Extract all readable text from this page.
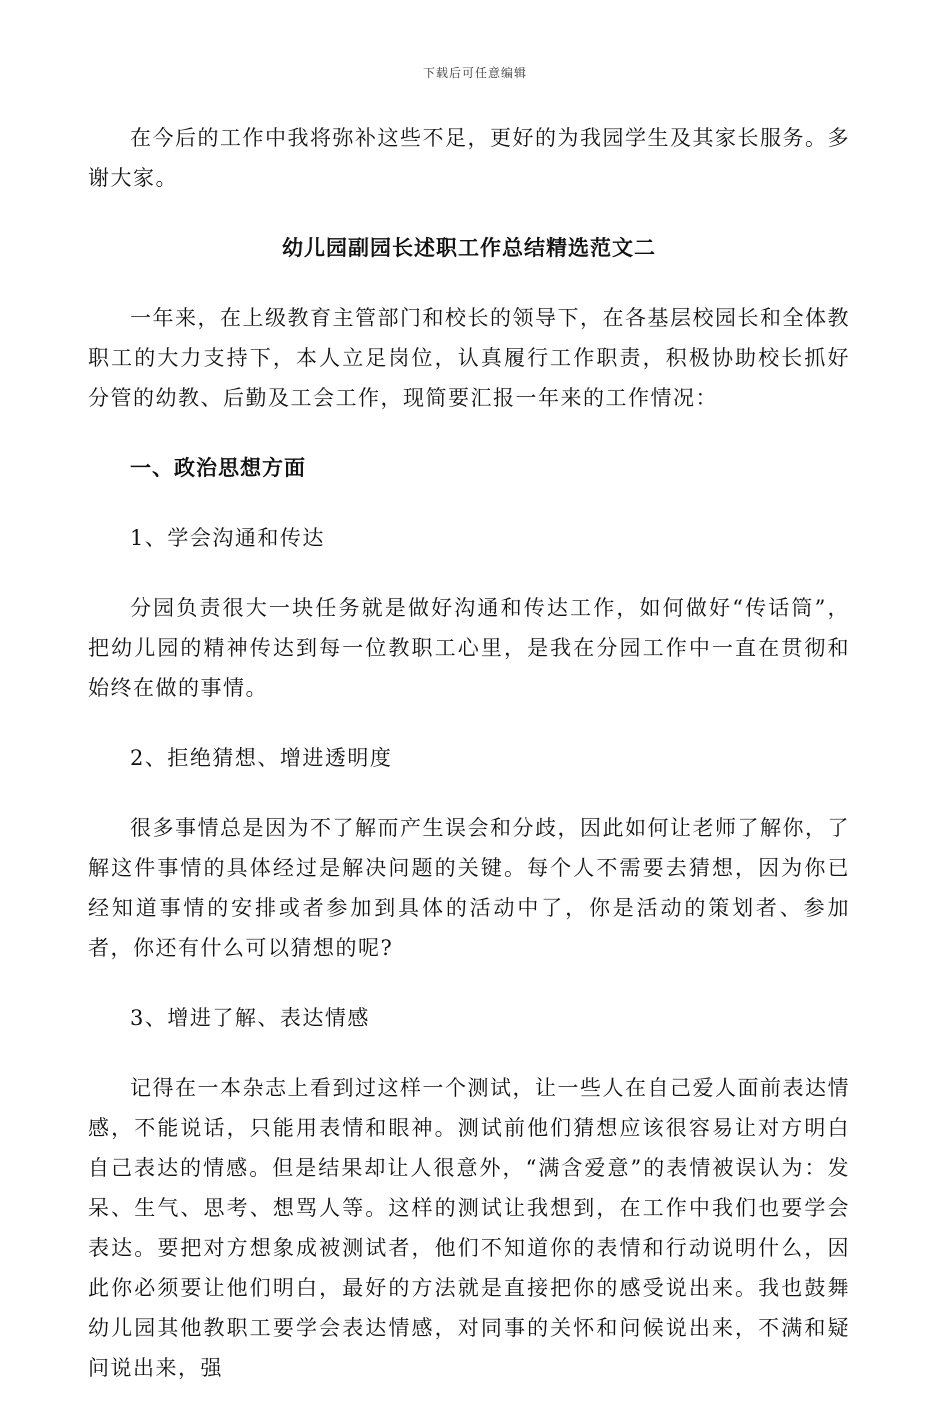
下载后可任意编辑

在今后的工作中我将弥补这些不足，更好的为我园学生及其家长服务。多谢大家。

幼儿园副园长述职工作总结精选范文二

一年来，在上级教育主管部门和校长的领导下，在各基层校园长和全体教职工的大力支持下，本人立足岗位，认真履行工作职责，积极协助校长抓好分管的幼教、后勤及工会工作，现简要汇报一年来的工作情况：

一、政治思想方面
1、学会沟通和传达

分园负责很大一块任务就是做好沟通和传达工作，如何做好“传话筒”，把幼儿园的精神传达到每一位教职工心里，是我在分园工作中一直在贯彻和始终在做的事情。

2、拒绝猜想、增进透明度

很多事情总是因为不了解而产生误会和分歧，因此如何让老师了解你，了解这件事情的具体经过是解决问题的关键。每个人不需要去猜想，因为你已经知道事情的安排或者参加到具体的活动中了，你是活动的策划者、参加者，你还有什么可以猜想的呢?

3、增进了解、表达情感

记得在一本杂志上看到过这样一个测试，让一些人在自己爱人面前表达情感，不能说话，只能用表情和眼神。测试前他们猜想应该很容易让对方明白自己表达的情感。但是结果却让人很意外，“满含爱意”的表情被误认为：发呆、生气、思考、想骂人等。这样的测试让我想到，在工作中我们也要学会表达。要把对方想象成被测试者，他们不知道你的表情和行动说明什么，因此你必须要让他们明白，最好的方法就是直接把你的感受说出来。我也鼓舞幼儿园其他教职工要学会表达情感，对同事的关怀和问候说出来，不满和疑问说出来，强
